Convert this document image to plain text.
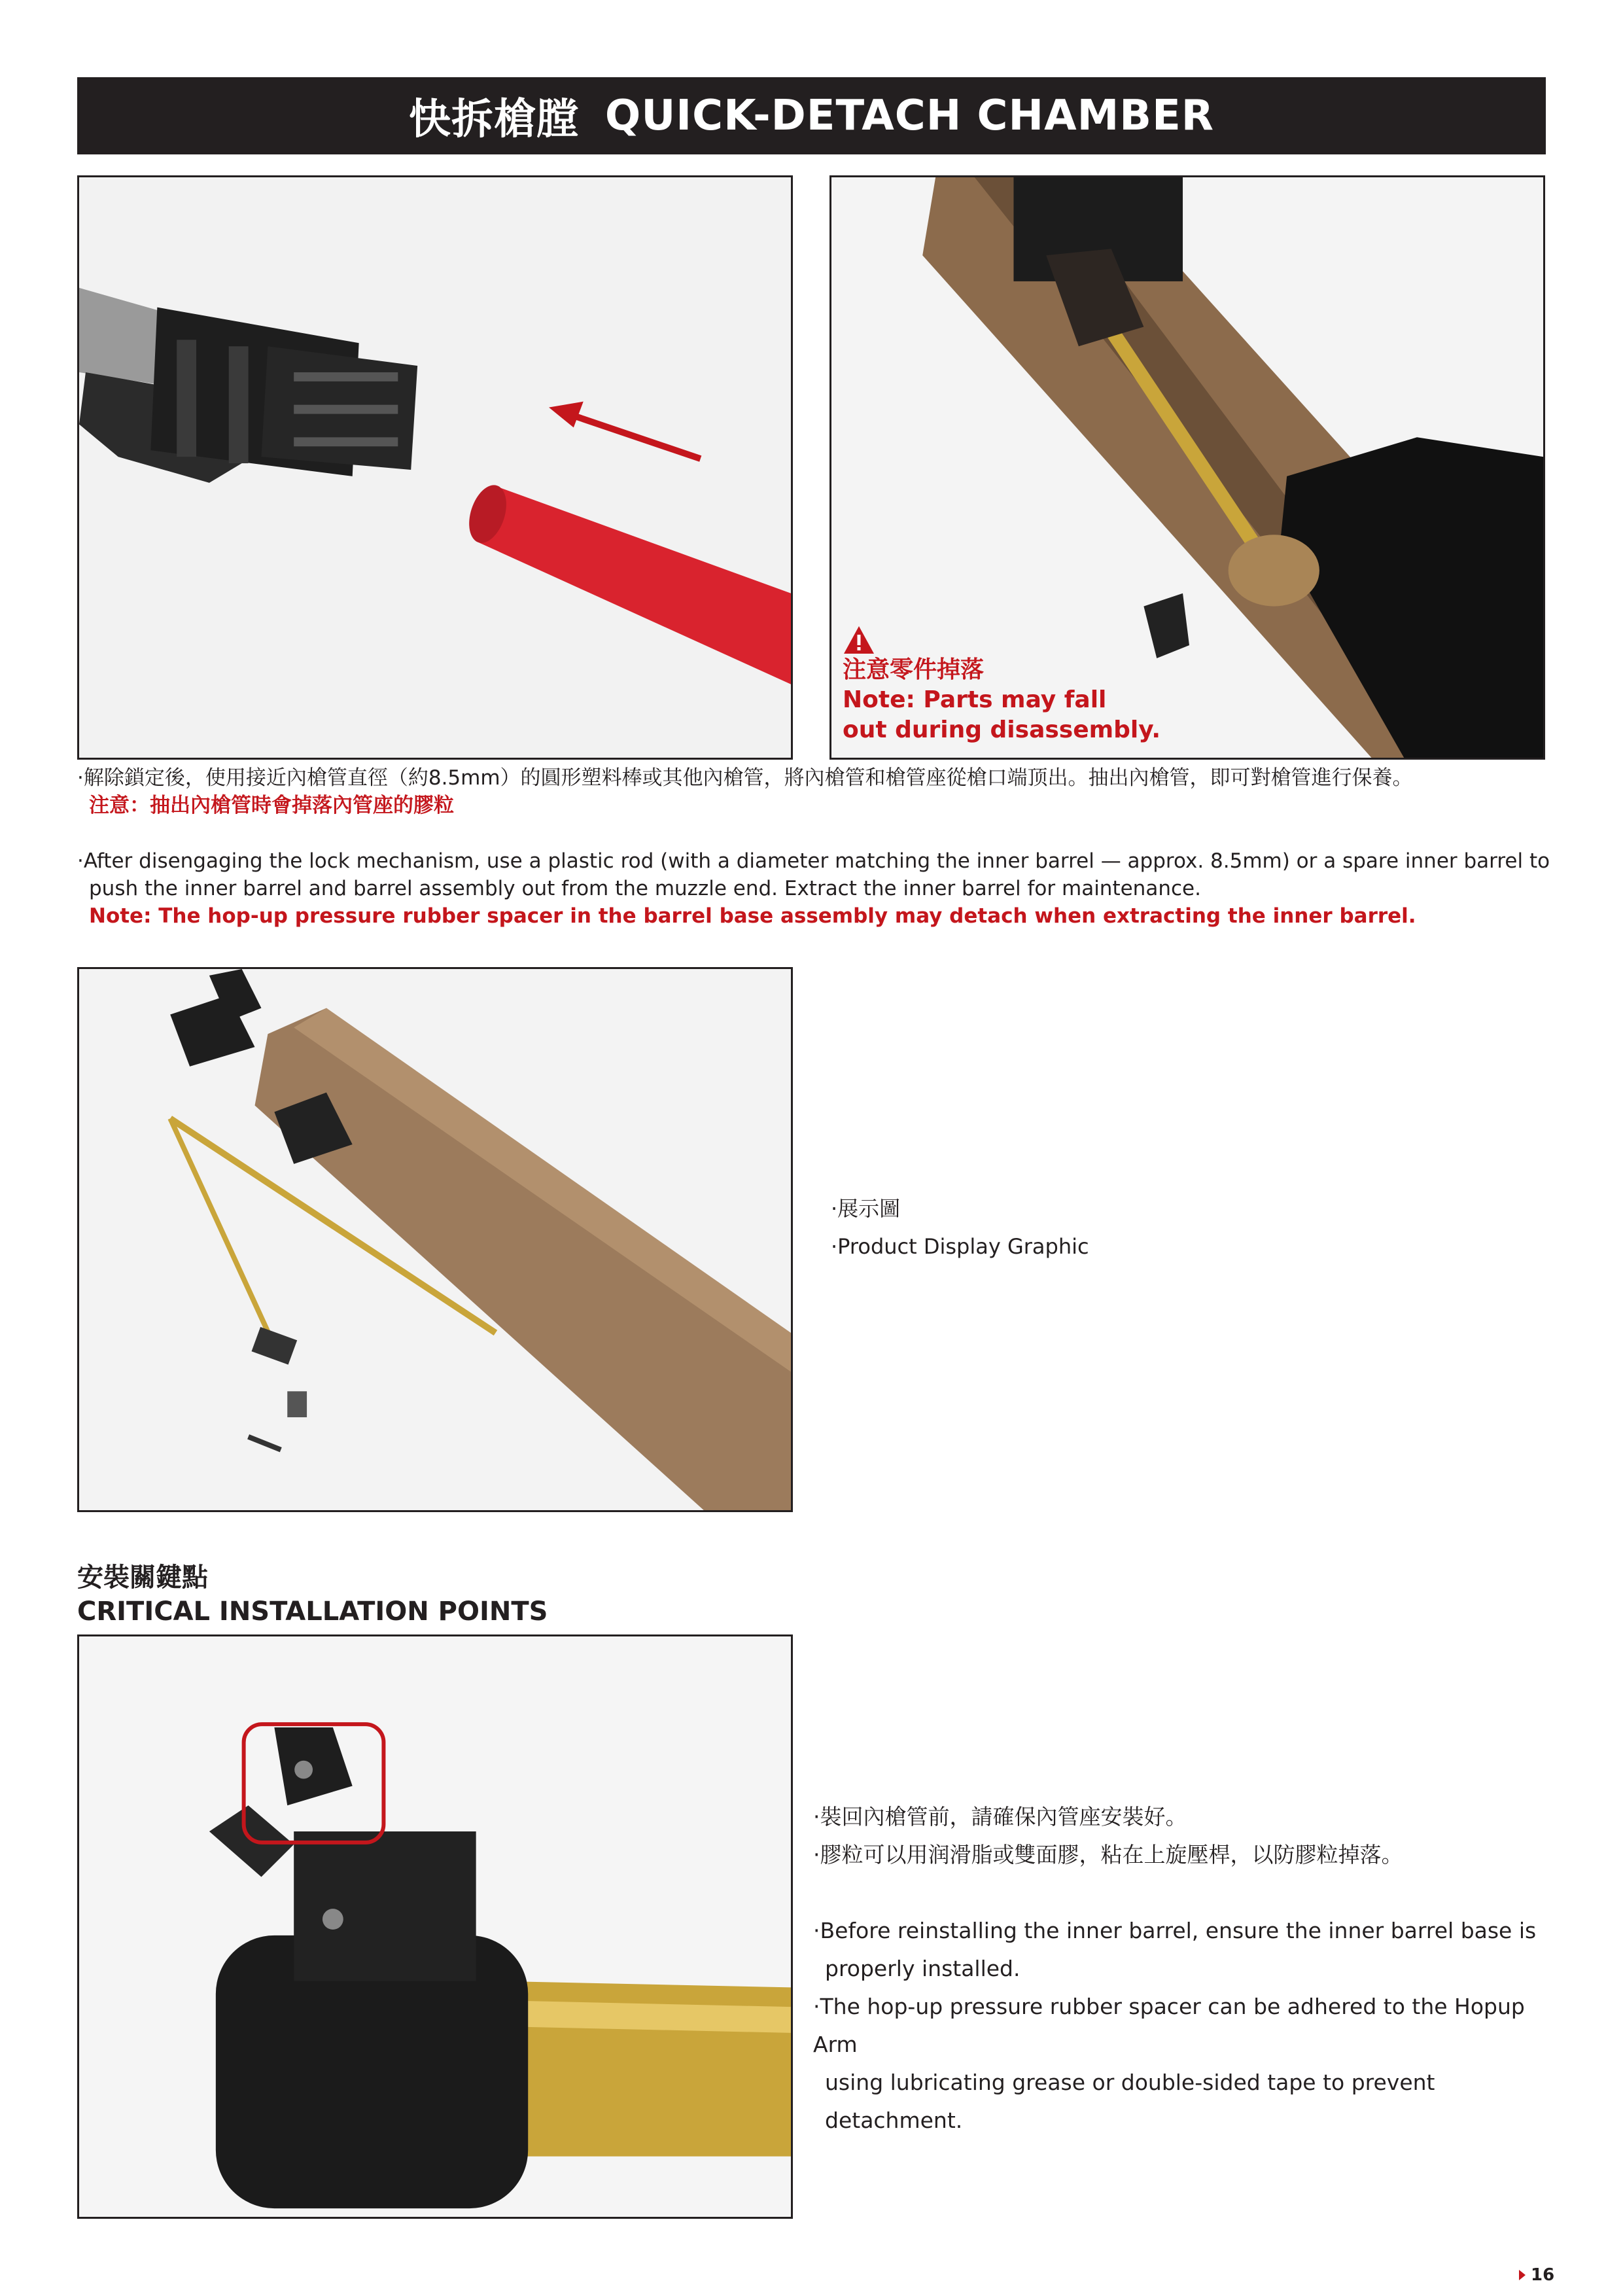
快拆槍膛 QUICK-DETACH CHAMBER

注意零件掉落

Note: Parts may fall

out during disassembly.

·解除鎖定後，使用接近內槍管直徑（約8.5mm）的圓形塑料棒或其他內槍管，將內槍管和槍管座從槍口端顶出。抽出內槍管，即可對槍管進行保養。

注意：抽出內槍管時會掉落內管座的膠粒

·After disengaging the lock mechanism, use a plastic rod (with a diameter matching the inner barrel — approx. 8.5mm) or a spare inner barrel to

push the inner barrel and barrel assembly out from the muzzle end. Extract the inner barrel for maintenance.

Note: The hop-up pressure rubber spacer in the barrel base assembly may detach when extracting the inner barrel.

·展示圖

·Product Display Graphic

安裝關鍵點
CRITICAL INSTALLATION POINTS

·裝回內槍管前，請確保內管座安裝好。

·膠粒可以用润滑脂或雙面膠，粘在上旋壓桿，以防膠粒掉落。

·Before reinstalling the inner barrel, ensure the inner barrel base is

properly installed.

·The hop-up pressure rubber spacer can be adhered to the Hopup Arm

using lubricating grease or double-sided tape to prevent detachment.

16
